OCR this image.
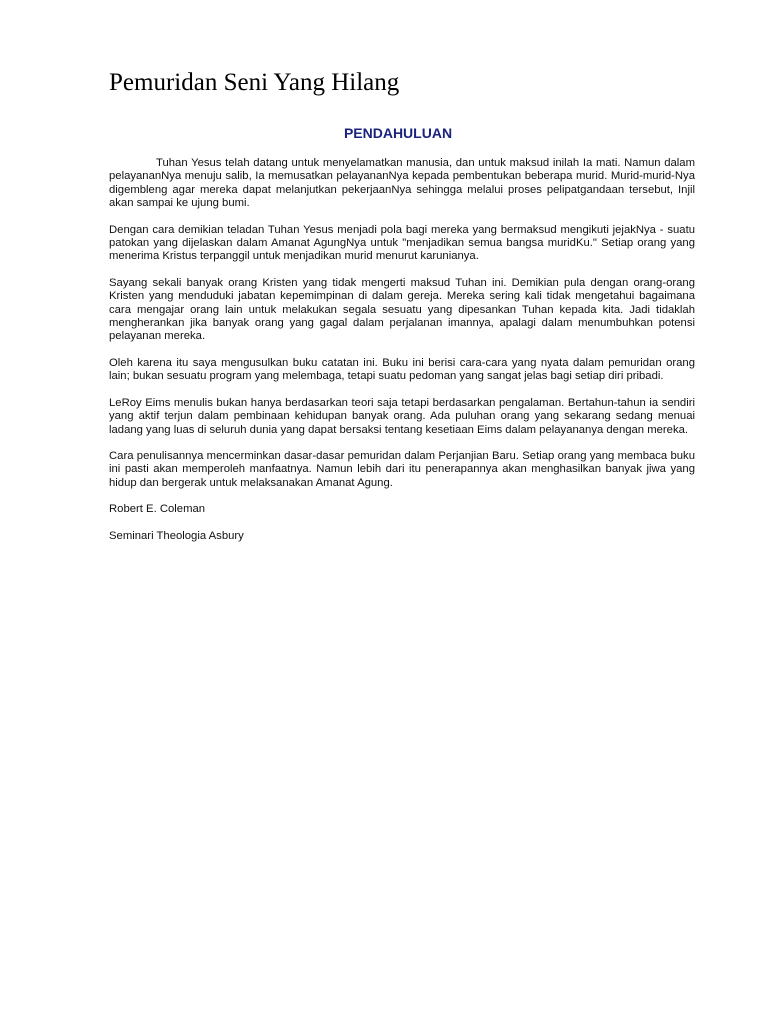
Pemuridan Seni Yang Hilang
PENDAHULUAN

Tuhan Yesus telah datang untuk menyelamatkan manusia, dan untuk maksud inilah Ia mati. Namun dalam pelayananNya menuju salib, Ia memusatkan pelayananNya kepada pembentukan beberapa murid. Murid-murid-Nya digembleng agar mereka dapat melanjutkan pekerjaanNya sehingga melalui proses pelipatgandaan tersebut, Injil akan sampai ke ujung bumi.

Dengan cara demikian teladan Tuhan Yesus menjadi pola bagi mereka yang bermaksud mengikuti jejakNya - suatu patokan yang dijelaskan dalam Amanat AgungNya untuk "menjadikan semua bangsa muridKu." Setiap orang yang menerima Kristus terpanggil untuk menjadikan murid menurut karunianya.

Sayang sekali banyak orang Kristen yang tidak mengerti maksud Tuhan ini. Demikian pula dengan orang-orang Kristen yang menduduki jabatan kepemimpinan di dalam gereja. Mereka sering kali tidak mengetahui bagaimana cara mengajar orang lain untuk melakukan segala sesuatu yang dipesankan Tuhan kepada kita. Jadi tidaklah mengherankan jika banyak orang yang gagal dalam perjalanan imannya, apalagi dalam menumbuhkan potensi pelayanan mereka.

Oleh karena itu saya mengusulkan buku catatan ini. Buku ini berisi cara-cara yang nyata dalam pemuridan orang lain; bukan sesuatu program yang melembaga, tetapi suatu pedoman yang sangat jelas bagi setiap diri pribadi.

LeRoy Eims menulis bukan hanya berdasarkan teori saja tetapi berdasarkan pengalaman. Bertahun-tahun ia sendiri yang aktif terjun dalam pembinaan kehidupan banyak orang. Ada puluhan orang yang sekarang sedang menuai ladang yang luas di seluruh dunia yang dapat bersaksi tentang kesetiaan Eims dalam pelayananya dengan mereka.

Cara penulisannya mencerminkan dasar-dasar pemuridan dalam Perjanjian Baru. Setiap orang yang membaca buku ini pasti akan memperoleh manfaatnya. Namun lebih dari itu penerapannya akan menghasilkan banyak jiwa yang hidup dan bergerak untuk melaksanakan Amanat Agung.

Robert E. Coleman

Seminari Theologia Asbury
